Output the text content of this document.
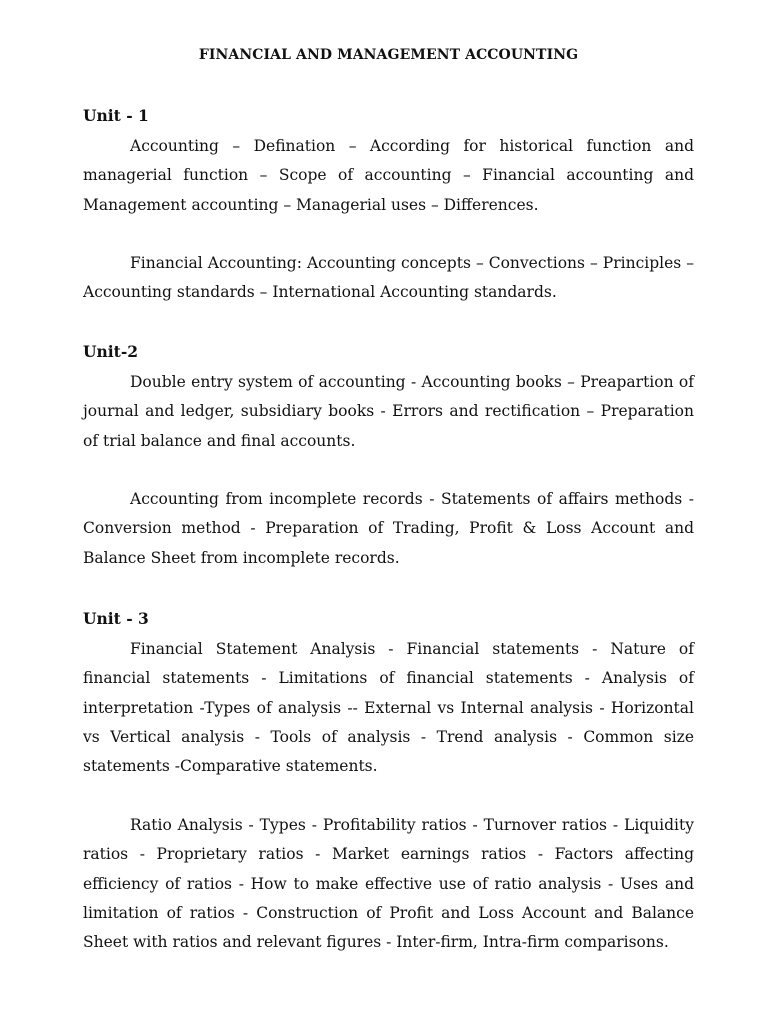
FINANCIAL AND MANAGEMENT ACCOUNTING
Unit - 1

Accounting – Defination – According for historical function and managerial function – Scope of accounting – Financial accounting and Management accounting – Managerial uses – Differences.

Financial Accounting: Accounting concepts – Convections – Principles – Accounting standards – International Accounting standards.

Unit-2

Double entry system of accounting - Accounting books – Preapartion of journal and ledger, subsidiary books - Errors and rectification – Preparation of trial balance and final accounts.

Accounting from incomplete records - Statements of affairs methods -Conversion method - Preparation of Trading, Profit & Loss Account and Balance Sheet from incomplete records.

Unit - 3

Financial Statement Analysis - Financial statements - Nature of financial statements - Limitations of financial statements - Analysis of interpretation -Types of analysis -- External vs Internal analysis - Horizontal vs Vertical analysis - Tools of analysis - Trend analysis - Common size statements -Comparative statements.

Ratio Analysis - Types - Profitability ratios - Turnover ratios - Liquidity ratios - Proprietary ratios - Market earnings ratios - Factors affecting efficiency of ratios - How to make effective use of ratio analysis - Uses and limitation of ratios - Construction of Profit and Loss Account and Balance Sheet with ratios and relevant figures - Inter-firm, Intra-firm comparisons.
